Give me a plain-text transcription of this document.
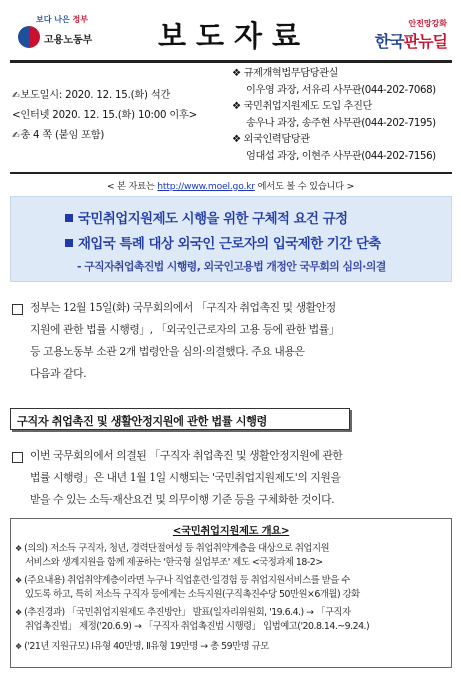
보다 나은 정부
고용노동부 보도자료	안전망강화
한국판뉴딜
✍보도일시: 2020. 12. 15.(화) 석간
<인터넷 2020. 12. 15.(화) 10:00 이후>
✍총 4 쪽 (붙임 포함)
❖ 규제개혁법무담당관실
이우영 과장, 서유리 사무관(044-202-7068)
❖ 국민취업지원제도 도입 추진단
송우나 과장, 송주현 사무관(044-202-7195)
❖ 외국인력담당관
엄대섭 과장, 이현주 사무관(044-202-7156)
< 본 자료는 http://www.moel.go.kr 에서도 볼 수 있습니다 >
국민취업지원제도 시행을 위한 구체적 요건 규정
재입국 특례 대상 외국인 근로자의 입국제한 기간 단축
- 구직자취업촉진법 시행령, 외국인고용법 개정안 국무회의 심의·의결
정부는 12월 15일(화) 국무회의에서 「구직자 취업촉진 및 생활안정
지원에 관한 법률 시행령」, 「외국인근로자의 고용 등에 관한 법률」
등 고용노동부 소관 2개 법령안을 심의·의결했다. 주요 내용은
다음과 같다.
구직자 취업촉진 및 생활안정지원에 관한 법률 시행령
이번 국무회의에서 의결된 「구직자 취업촉진 및 생활안정지원에 관한
법률 시행령」은 내년 1월 1일 시행되는 '국민취업지원제도'의 지원을
받을 수 있는 소득·재산요건 및 의무이행 기준 등을 구체화한 것이다.
<국민취업지원제도 개요>
❖ (의의) 저소득 구직자, 청년, 경력단절여성 등 취업취약계층을 대상으로 취업지원
서비스와 생계지원을 함께 제공하는 '한국형 실업부조' 제도 <국정과제 18-2>
❖ (주요내용) 취업취약계층이라면 누구나 직업훈련·일경험 등 취업지원서비스를 받을 수
있도록 하고, 특히 저소득 구직자 등에게는 소득지원(구직촉진수당 50만원×6개월) 강화
❖ (추진경과) 「국민취업지원제도 추진방안」 발표(일자리위원회, '19.6.4.) → 「구직자
취업촉진법」 제정('20.6.9) → 「구직자 취업촉진법 시행령」 입법예고('20.8.14.~9.24.)
❖ ('21년 지원규모) Ⅰ유형 40만명, Ⅱ유형 19만명 → 총 59만명 규모
